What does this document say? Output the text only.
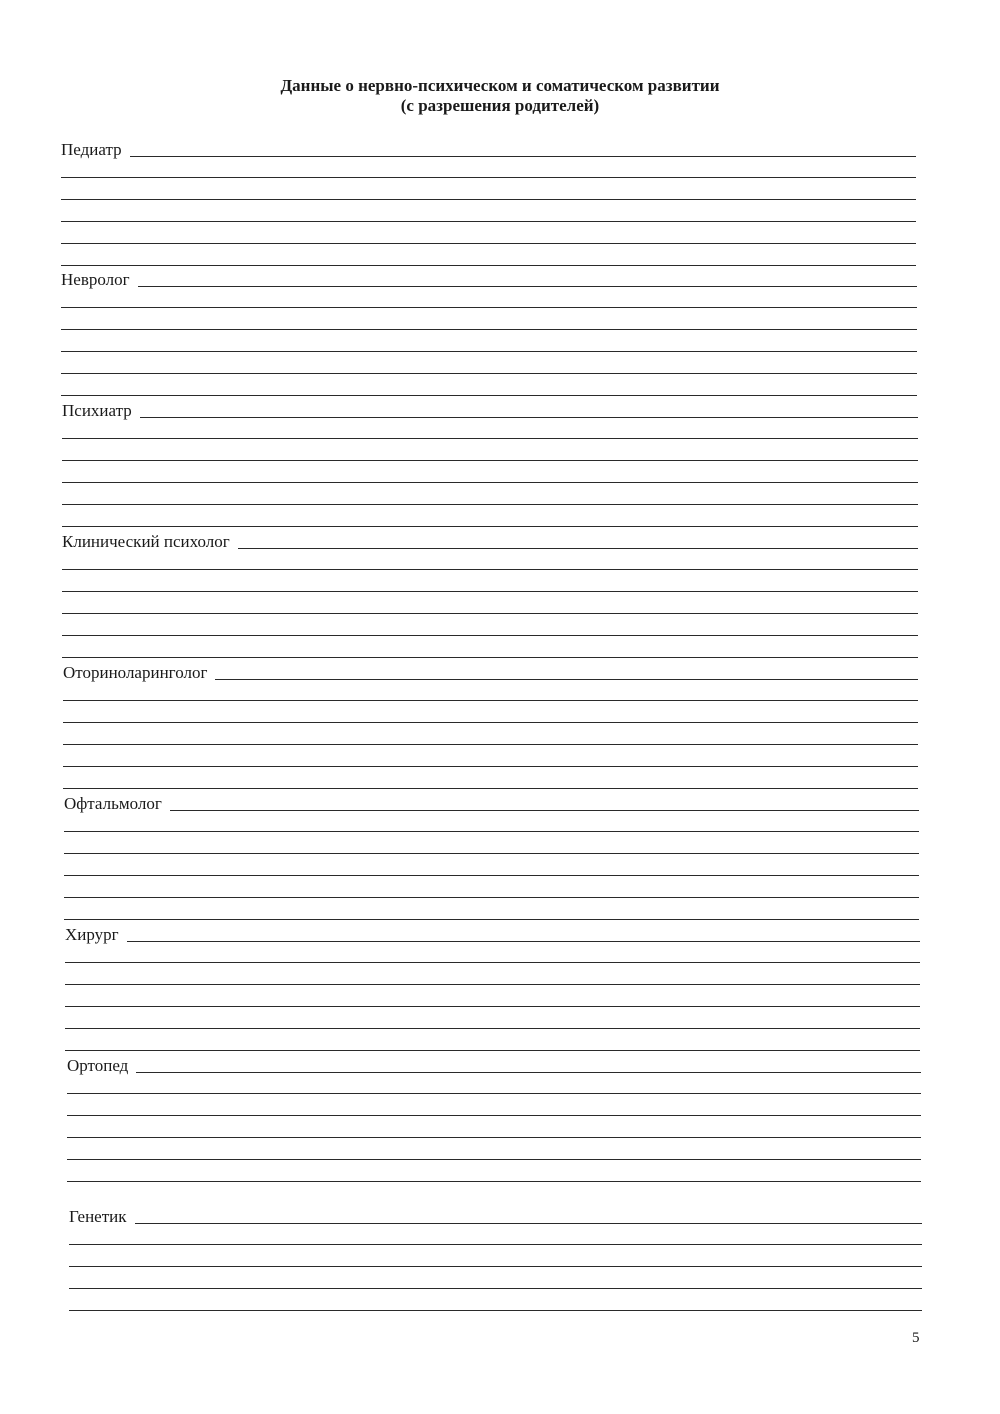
Данные о нервно-психическом и соматическом развитии
(с разрешения родителей)
Педиатр
Невролог
Психиатр
Клинический психолог
Оториноларинголог
Офтальмолог
Хирург
Ортопед
Генетик
5
